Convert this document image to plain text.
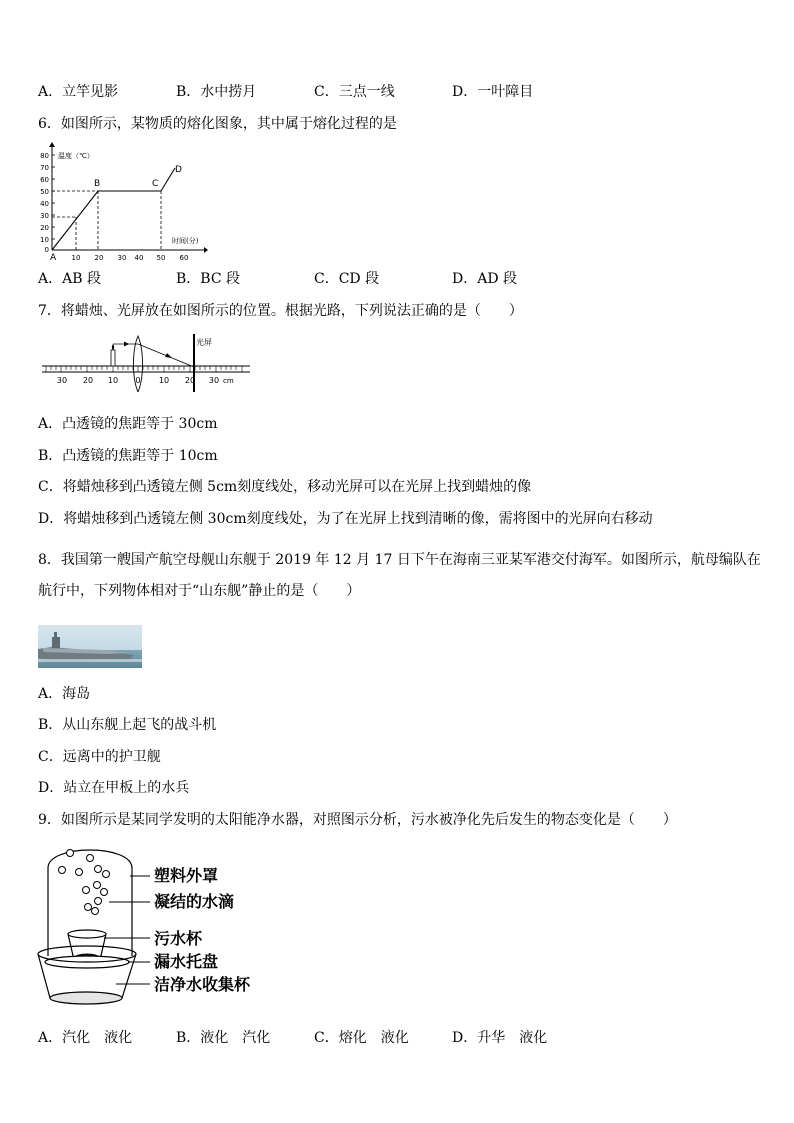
A．立竿见影	B．水中捞月	C．三点一线	D．一叶障目
6．如图所示，某物质的熔化图象，其中属于熔化过程的是
80
70
60
50
40
30
20
10
0
温度（℃）
时间(分)
10 20 30 40 50 60
A
B	C
D
A．AB 段	B．BC 段	C．CD 段	D．AD 段
7．将蜡烛、光屏放在如图所示的位置。根据光路，下列说法正确的是（　　）
30 20 10 0 10 20 30 cm
光屏
A．凸透镜的焦距等于 30cm
B．凸透镜的焦距等于 10cm
C．将蜡烛移到凸透镜左侧 5cm刻度线处，移动光屏可以在光屏上找到蜡烛的像
D．将蜡烛移到凸透镜左侧 30cm刻度线处，为了在光屏上找到清晰的像，需将图中的光屏向右移动
8．我国第一艘国产航空母舰山东舰于 2019 年 12 月 17 日下午在海南三亚某军港交付海军。如图所示，航母编队在
航行中，下列物体相对于“山东舰”静止的是（　　）
A．海岛
B．从山东舰上起飞的战斗机
C．远离中的护卫舰
D．站立在甲板上的水兵
9．如图所示是某同学发明的太阳能净水器，对照图示分析，污水被净化先后发生的物态变化是（　　）
塑料外罩
凝结的水滴
污水杯
漏水托盘
洁净水收集杯
A．汽化　液化	B．液化　汽化	C．熔化　液化	D．升华　液化
